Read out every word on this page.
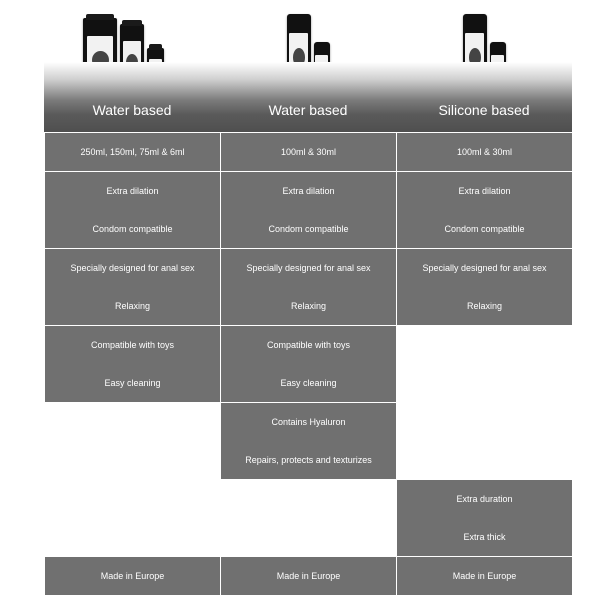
Water based	Water based	Silicone based
250ml, 150ml, 75ml & 6ml
Extra dilation
Condom compatible
Specially designed for anal sex
Relaxing
Compatible with toys
Easy cleaning
Made in Europe
100ml & 30ml
Extra dilation
Condom compatible
Specially designed for anal sex
Relaxing
Compatible with toys
Easy cleaning
Contains Hyaluron
Repairs, protects and texturizes
Made in Europe
100ml & 30ml
Extra dilation
Condom compatible
Specially designed for anal sex
Relaxing
Extra duration
Extra thick
Made in Europe
